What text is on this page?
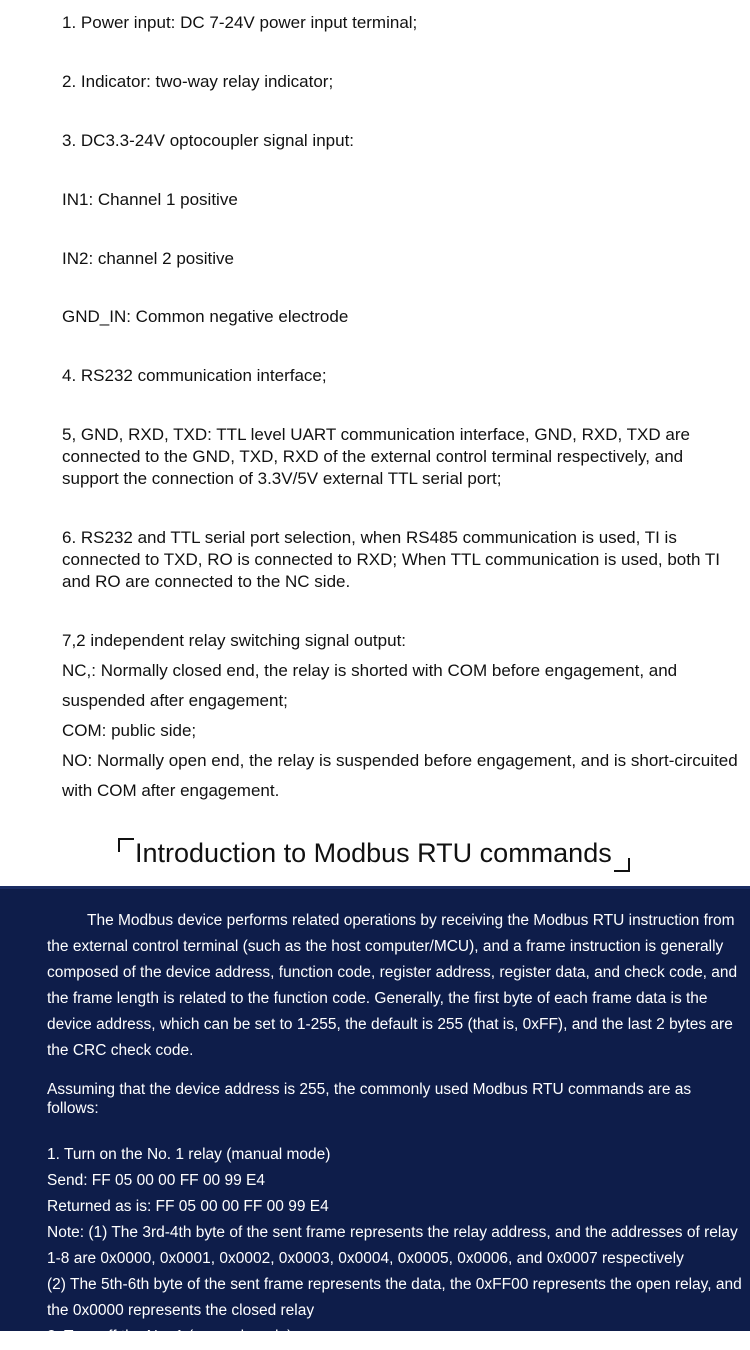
1. Power input: DC 7-24V power input terminal;

2. Indicator: two-way relay indicator;

3. DC3.3-24V optocoupler signal input:

IN1: Channel 1 positive

IN2: channel 2 positive

GND_IN: Common negative electrode

4. RS232 communication interface;

5, GND, RXD, TXD: TTL level UART communication interface, GND, RXD, TXD are connected to the GND, TXD, RXD of the external control terminal respectively, and support the connection of 3.3V/5V external TTL serial port;

6. RS232 and TTL serial port selection, when RS485 communication is used, TI is connected to TXD, RO is connected to RXD; When TTL communication is used, both TI and RO are connected to the NC side.

7,2 independent relay switching signal output:
NC,: Normally closed end, the relay is shorted with COM before engagement, and suspended after engagement;
COM: public side;
NO: Normally open end, the relay is suspended before engagement, and is short-circuited with COM after engagement.
Introduction to Modbus RTU commands

The Modbus device performs related operations by receiving the Modbus RTU instruction from the external control terminal (such as the host computer/MCU), and a frame instruction is generally composed of the device address, function code, register address, register data, and check code, and the frame length is related to the function code. Generally, the first byte of each frame data is the device address, which can be set to 1-255, the default is 255 (that is, 0xFF), and the last 2 bytes are the CRC check code.

Assuming that the device address is 255, the commonly used Modbus RTU commands are as follows:

1. Turn on the No. 1 relay (manual mode)
Send: FF 05 00 00 FF 00 99 E4
Returned as is: FF 05 00 00 FF 00 99 E4
Note: (1) The 3rd-4th byte of the sent frame represents the relay address, and the addresses of relay 1-8 are 0x0000, 0x0001, 0x0002, 0x0003, 0x0004, 0x0005, 0x0006, and 0x0007 respectively
(2) The 5th-6th byte of the sent frame represents the data, the 0xFF00 represents the open relay, and the 0x0000 represents the closed relay
2. Turn off the No. 1 (manual mode)
